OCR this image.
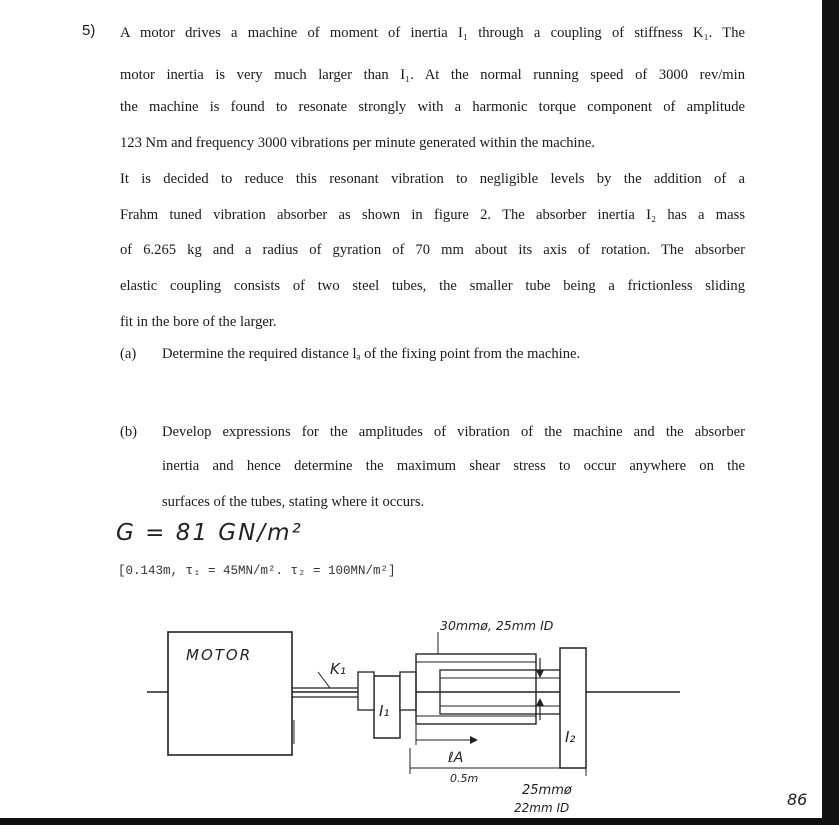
5) A motor drives a machine of moment of inertia I₁ through a coupling of stiffness K₁. The
motor inertia is very much larger than I₁. At the normal running speed of 3000 rev/min
the machine is found to resonate strongly with a harmonic torque component of amplitude
123 Nm and frequency 3000 vibrations per minute generated within the machine.
It is decided to reduce this resonant vibration to negligible levels by the addition of a
Frahm tuned vibration absorber as shown in figure 2. The absorber inertia I₂ has a mass
of 6.265 kg and a radius of gyration of 70 mm about its axis of rotation. The absorber
elastic coupling consists of two steel tubes, the smaller tube being a frictionless sliding
fit in the bore of the larger.
(a) Determine the required distance lₐ of the fixing point from the machine.
(b) Develop expressions for the amplitudes of vibration of the machine and the absorber
inertia and hence determine the maximum shear stress to occur anywhere on the
surfaces of the tubes, stating where it occurs.
G = 81 GN/m²
[0.143m, τ₁ = 45MN/m². τ₂ = 100MN/m²]
MOTOR
K₁
I₁
I₂
30mmø, 25mm ID
ℓA
0.5m
25mmø
22mm ID	86
